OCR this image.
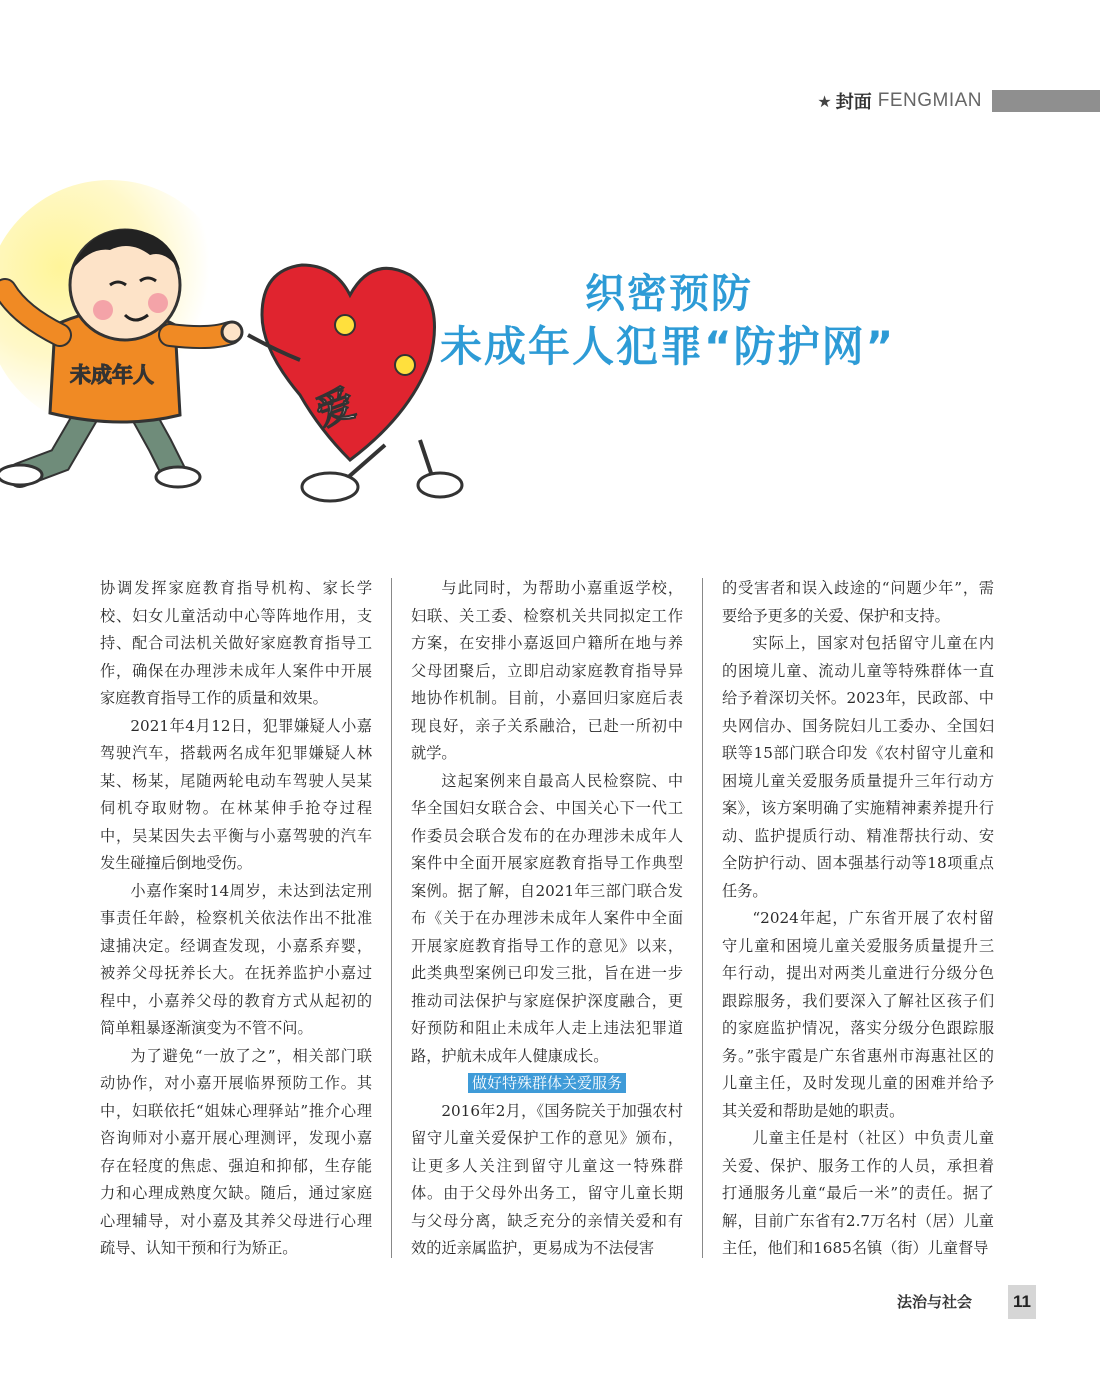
★ 封面 FENGMIAN
未成年人
爱
织密预防
未成年人犯罪“防护网”

协调发挥家庭教育指导机构、家长学校、妇女儿童活动中心等阵地作用，支持、配合司法机关做好家庭教育指导工作，确保在办理涉未成年人案件中开展家庭教育指导工作的质量和效果。

2021年4月12日，犯罪嫌疑人小嘉驾驶汽车，搭载两名成年犯罪嫌疑人林某、杨某，尾随两轮电动车驾驶人吴某伺机夺取财物。在林某伸手抢夺过程中，吴某因失去平衡与小嘉驾驶的汽车发生碰撞后倒地受伤。

小嘉作案时14周岁，未达到法定刑事责任年龄，检察机关依法作出不批准逮捕决定。经调查发现，小嘉系弃婴，被养父母抚养长大。在抚养监护小嘉过程中，小嘉养父母的教育方式从起初的简单粗暴逐渐演变为不管不问。

为了避免“一放了之”，相关部门联动协作，对小嘉开展临界预防工作。其中，妇联依托“姐妹心理驿站”推介心理咨询师对小嘉开展心理测评，发现小嘉存在轻度的焦虑、强迫和抑郁，生存能力和心理成熟度欠缺。随后，通过家庭心理辅导，对小嘉及其养父母进行心理疏导、认知干预和行为矫正。

与此同时，为帮助小嘉重返学校，妇联、关工委、检察机关共同拟定工作方案，在安排小嘉返回户籍所在地与养父母团聚后，立即启动家庭教育指导异地协作机制。目前，小嘉回归家庭后表现良好，亲子关系融洽，已赴一所初中就学。

这起案例来自最高人民检察院、中华全国妇女联合会、中国关心下一代工作委员会联合发布的在办理涉未成年人案件中全面开展家庭教育指导工作典型案例。据了解，自2021年三部门联合发布《关于在办理涉未成年人案件中全面开展家庭教育指导工作的意见》以来，此类典型案例已印发三批，旨在进一步推动司法保护与家庭保护深度融合，更好预防和阻止未成年人走上违法犯罪道路，护航未成年人健康成长。

做好特殊群体关爱服务

2016年2月，《国务院关于加强农村留守儿童关爱保护工作的意见》颁布，让更多人关注到留守儿童这一特殊群体。由于父母外出务工，留守儿童长期与父母分离，缺乏充分的亲情关爱和有效的近亲属监护，更易成为不法侵害

的受害者和误入歧途的“问题少年”，需要给予更多的关爱、保护和支持。

实际上，国家对包括留守儿童在内的困境儿童、流动儿童等特殊群体一直给予着深切关怀。2023年，民政部、中央网信办、国务院妇儿工委办、全国妇联等15部门联合印发《农村留守儿童和困境儿童关爱服务质量提升三年行动方案》，该方案明确了实施精神素养提升行动、监护提质行动、精准帮扶行动、安全防护行动、固本强基行动等18项重点任务。

“2024年起，广东省开展了农村留守儿童和困境儿童关爱服务质量提升三年行动，提出对两类儿童进行分级分色跟踪服务，我们要深入了解社区孩子们的家庭监护情况，落实分级分色跟踪服务。”张宇霞是广东省惠州市海惠社区的儿童主任，及时发现儿童的困难并给予其关爱和帮助是她的职责。

儿童主任是村（社区）中负责儿童关爱、保护、服务工作的人员，承担着打通服务儿童“最后一米”的责任。据了解，目前广东省有2.7万名村（居）儿童主任，他们和1685名镇（街）儿童督导

法治与社会 11
